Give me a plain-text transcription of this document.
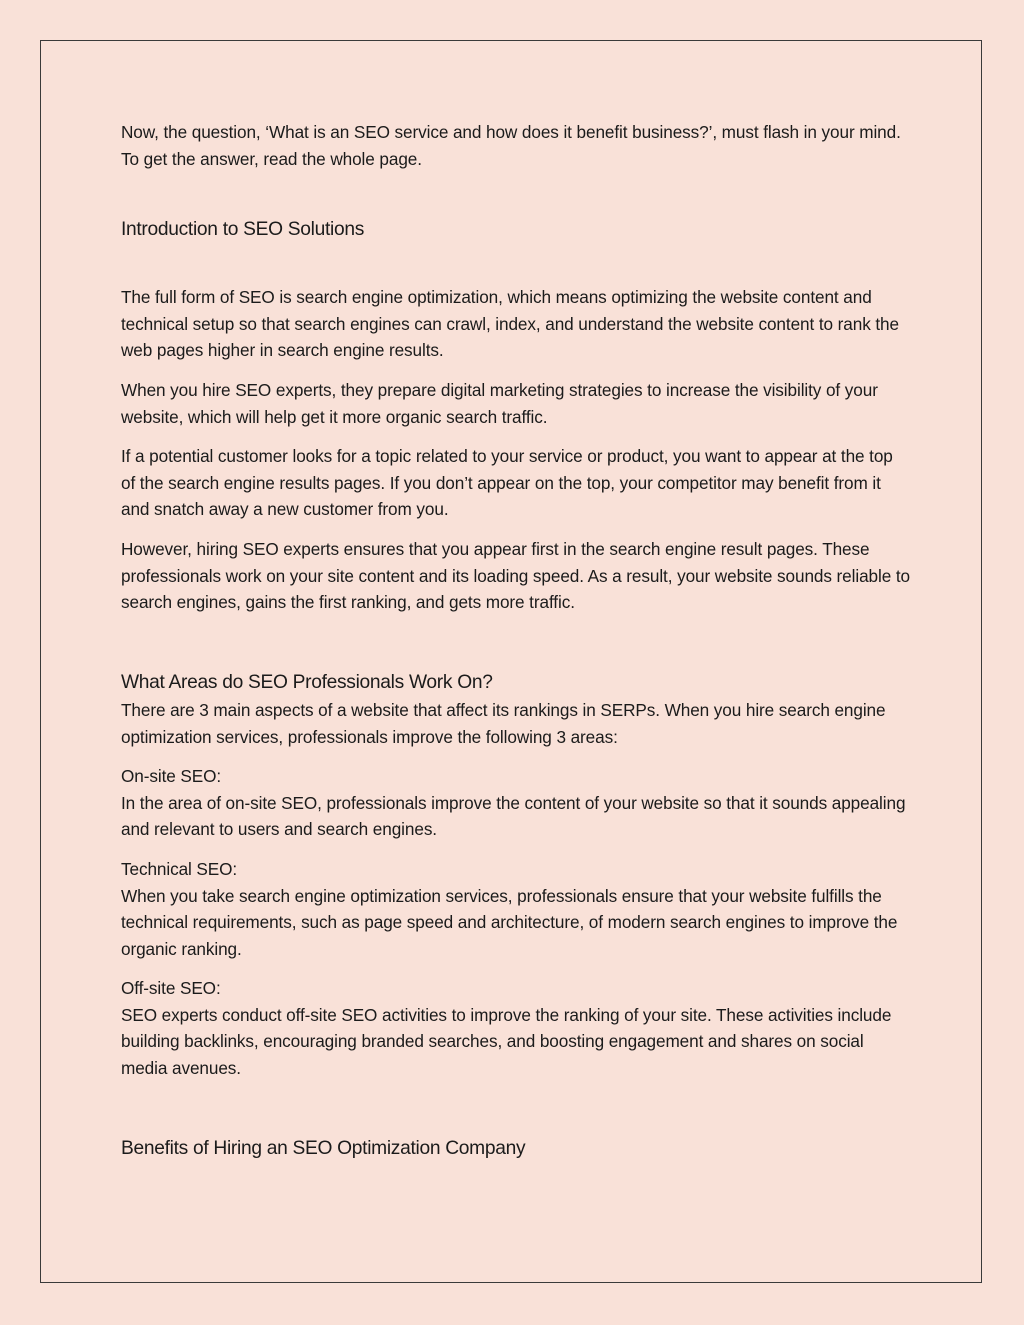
Now, the question, ‘What is an SEO service and how does it benefit business?’, must flash in your mind. To get the answer, read the whole page.

Introduction to SEO Solutions

The full form of SEO is search engine optimization, which means optimizing the website content and technical setup so that search engines can crawl, index, and understand the website content to rank the web pages higher in search engine results.

When you hire SEO experts, they prepare digital marketing strategies to increase the visibility of your website, which will help get it more organic search traffic.

If a potential customer looks for a topic related to your service or product, you want to appear at the top of the search engine results pages. If you don’t appear on the top, your competitor may benefit from it and snatch away a new customer from you.

However, hiring SEO experts ensures that you appear first in the search engine result pages. These professionals work on your site content and its loading speed. As a result, your website sounds reliable to search engines, gains the first ranking, and gets more traffic.

What Areas do SEO Professionals Work On?

There are 3 main aspects of a website that affect its rankings in SERPs. When you hire search engine optimization services, professionals improve the following 3 areas:

On-site SEO:
In the area of on-site SEO, professionals improve the content of your website so that it sounds appealing and relevant to users and search engines.

Technical SEO:
When you take search engine optimization services, professionals ensure that your website fulfills the technical requirements, such as page speed and architecture, of modern search engines to improve the organic ranking.

Off-site SEO:
SEO experts conduct off-site SEO activities to improve the ranking of your site. These activities include building backlinks, encouraging branded searches, and boosting engagement and shares on social media avenues.

Benefits of Hiring an SEO Optimization Company
